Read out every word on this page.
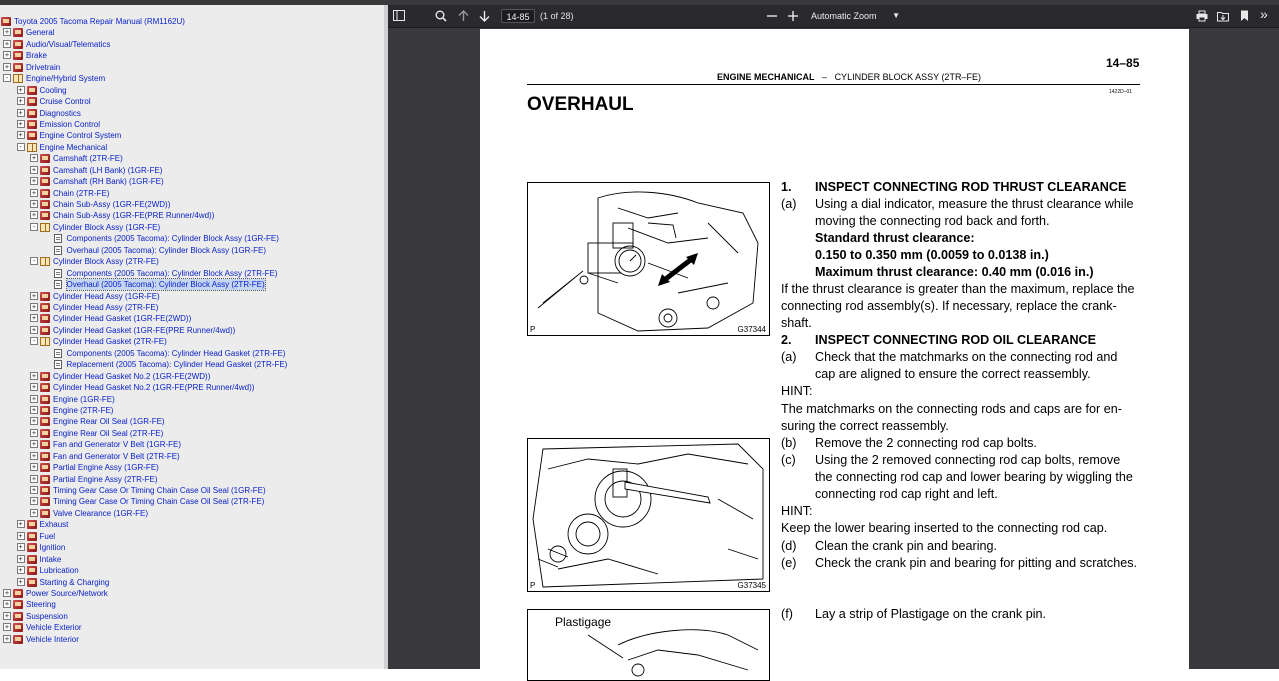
Toyota 2005 Tacoma Repair Manual (RM1162U)
+ General
+ Audio/Visual/Telematics
+ Brake
+ Drivetrain
- Engine/Hybrid System
+ Cooling
+ Cruise Control
+ Diagnostics
+ Emission Control
+ Engine Control System
- Engine Mechanical
+ Camshaft (2TR-FE)
+ Camshaft (LH Bank) (1GR-FE)
+ Camshaft (RH Bank) (1GR-FE)
+ Chain (2TR-FE)
+ Chain Sub-Assy (1GR-FE(2WD))
+ Chain Sub-Assy (1GR-FE(PRE Runner/4wd))
- Cylinder Block Assy (1GR-FE)
Components (2005 Tacoma): Cylinder Block Assy (1GR-FE)
Overhaul (2005 Tacoma): Cylinder Block Assy (1GR-FE)
- Cylinder Block Assy (2TR-FE)
Components (2005 Tacoma): Cylinder Block Assy (2TR-FE)
Overhaul (2005 Tacoma): Cylinder Block Assy (2TR-FE)
+ Cylinder Head Assy (1GR-FE)
+ Cylinder Head Assy (2TR-FE)
+ Cylinder Head Gasket (1GR-FE(2WD))
+ Cylinder Head Gasket (1GR-FE(PRE Runner/4wd))
- Cylinder Head Gasket (2TR-FE)
Components (2005 Tacoma): Cylinder Head Gasket (2TR-FE)
Replacement (2005 Tacoma): Cylinder Head Gasket (2TR-FE)
+ Cylinder Head Gasket No.2 (1GR-FE(2WD))
+ Cylinder Head Gasket No.2 (1GR-FE(PRE Runner/4wd))
+ Engine (1GR-FE)
+ Engine (2TR-FE)
+ Engine Rear Oil Seal (1GR-FE)
+ Engine Rear Oil Seal (2TR-FE)
+ Fan and Generator V Belt (1GR-FE)
+ Fan and Generator V Belt (2TR-FE)
+ Partial Engine Assy (1GR-FE)
+ Partial Engine Assy (2TR-FE)
+ Timing Gear Case Or Timing Chain Case Oil Seal (1GR-FE)
+ Timing Gear Case Or Timing Chain Case Oil Seal (2TR-FE)
+ Valve Clearance (1GR-FE)
+ Exhaust
+ Fuel
+ Ignition
+ Intake
+ Lubrication
+ Starting & Charging
+ Power Source/Network
+ Steering
+ Suspension
+ Vehicle Exterior
+ Vehicle Interior
14-85	(1 of 28)	Automatic Zoom ▼	»
14–85
ENGINE MECHANICAL – CYLINDER BLOCK ASSY (2TR–FE)
1422D–01
OVERHAUL
P	G37344
P	G37345
Plastigage
1. INSPECT CONNECTING ROD THRUST CLEARANCE
(a) Using a dial indicator, measure the thrust clearance while
moving the connecting rod back and forth.
Standard thrust clearance:
0.150 to 0.350 mm (0.0059 to 0.0138 in.)
Maximum thrust clearance: 0.40 mm (0.016 in.)
If the thrust clearance is greater than the maximum, replace the
connecting rod assembly(s). If necessary, replace the crank-
shaft.
2. INSPECT CONNECTING ROD OIL CLEARANCE
(a) Check that the matchmarks on the connecting rod and
cap are aligned to ensure the correct reassembly.
HINT:
The matchmarks on the connecting rods and caps are for en-
suring the correct reassembly.
(b) Remove the 2 connecting rod cap bolts.
(c) Using the 2 removed connecting rod cap bolts, remove
the connecting rod cap and lower bearing by wiggling the
connecting rod cap right and left.
HINT:
Keep the lower bearing inserted to the connecting rod cap.
(d) Clean the crank pin and bearing.
(e) Check the crank pin and bearing for pitting and scratches.
(f) Lay a strip of Plastigage on the crank pin.
